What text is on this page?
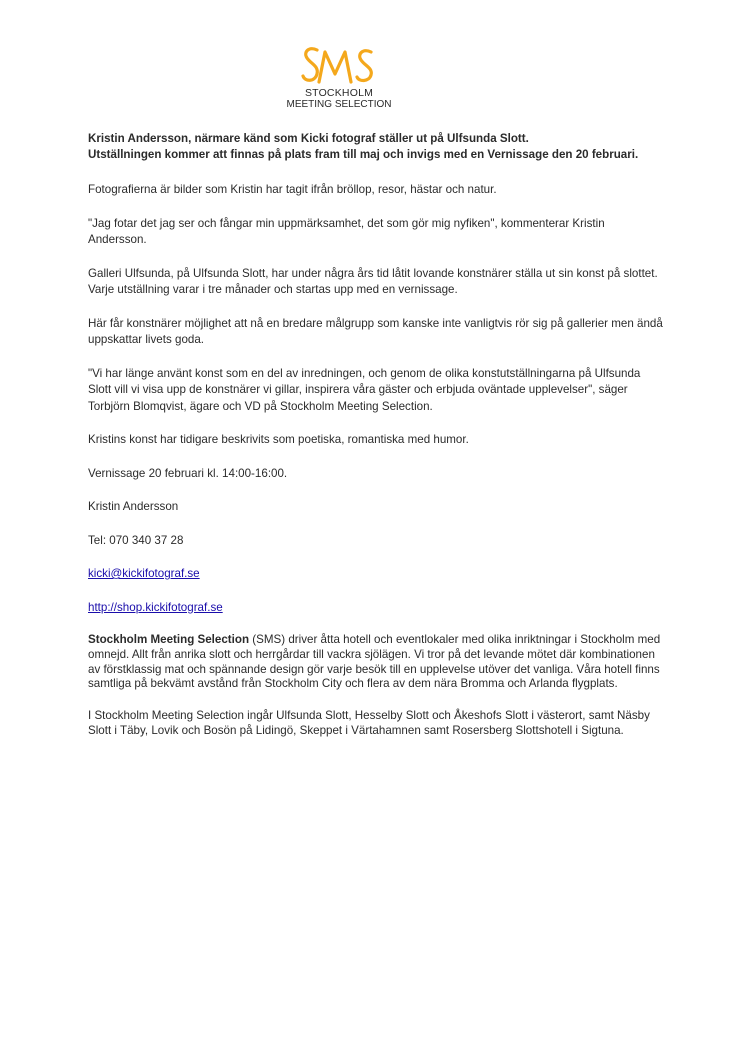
STOCKHOLM
MEETING SELECTION

Kristin Andersson, närmare känd som Kicki fotograf ställer ut på Ulfsunda Slott.
Utställningen kommer att finnas på plats fram till maj och invigs med en Vernissage den 20 februari.

Fotografierna är bilder som Kristin har tagit ifrån bröllop, resor, hästar och natur.

"Jag fotar det jag ser och fångar min uppmärksamhet, det som gör mig nyfiken", kommenterar Kristin Andersson.

Galleri Ulfsunda, på Ulfsunda Slott, har under några års tid låtit lovande konstnärer ställa ut sin konst på slottet. Varje utställning varar i tre månader och startas upp med en vernissage.

Här får konstnärer möjlighet att nå en bredare målgrupp som kanske inte vanligtvis rör sig på gallerier men ändå uppskattar livets goda.

"Vi har länge använt konst som en del av inredningen, och genom de olika konstutställningarna på Ulfsunda Slott vill vi visa upp de konstnärer vi gillar, inspirera våra gäster och erbjuda oväntade upplevelser", säger Torbjörn Blomqvist, ägare och VD på Stockholm Meeting Selection.

Kristins konst har tidigare beskrivits som poetiska, romantiska med humor.

Vernissage 20 februari kl. 14:00-16:00.

Kristin Andersson

Tel: 070 340 37 28

kicki@kickifotograf.se

http://shop.kickifotograf.se

Stockholm Meeting Selection (SMS) driver åtta hotell och eventlokaler med olika inriktningar i Stockholm med omnejd. Allt från anrika slott och herrgårdar till vackra sjölägen. Vi tror på det levande mötet där kombinationen av förstklassig mat och spännande design gör varje besök till en upplevelse utöver det vanliga. Våra hotell finns samtliga på bekvämt avstånd från Stockholm City och flera av dem nära Bromma och Arlanda flygplats.

I Stockholm Meeting Selection ingår Ulfsunda Slott, Hesselby Slott och Åkeshofs Slott i västerort, samt Näsby Slott i Täby, Lovik och Bosön på Lidingö, Skeppet i Värtahamnen samt Rosersberg Slottshotell i Sigtuna.
